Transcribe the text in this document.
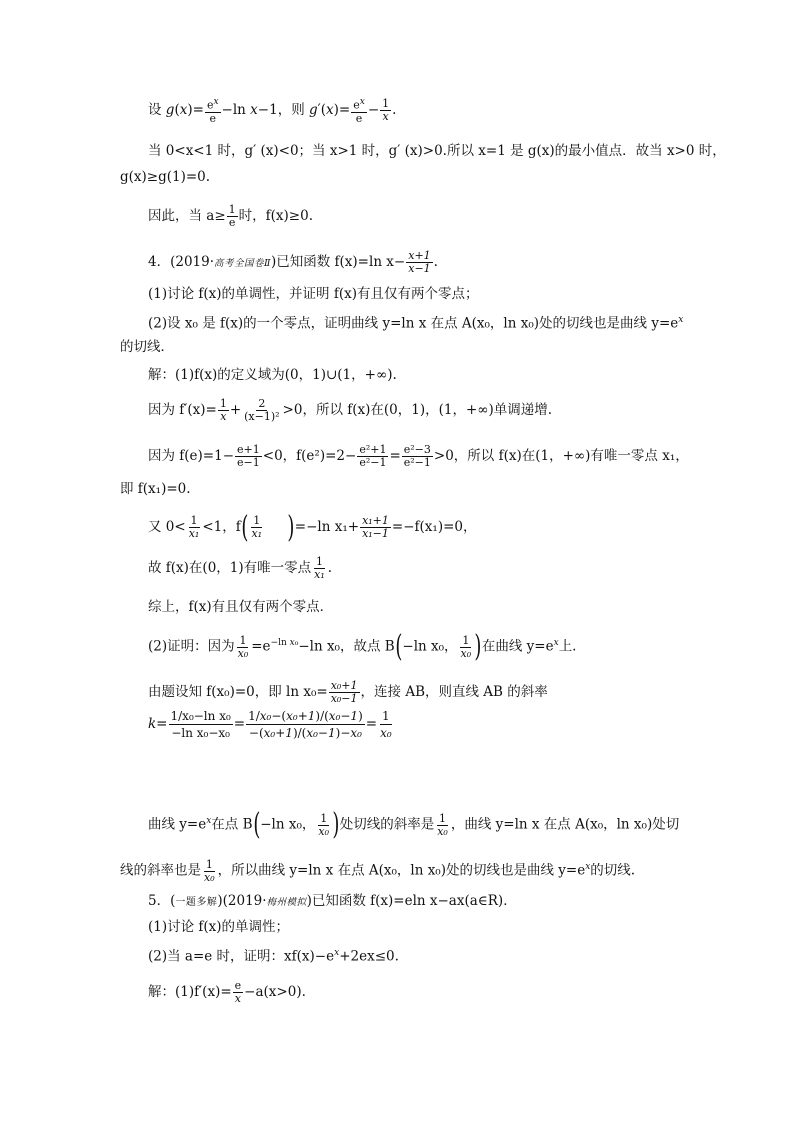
设 $g(x)= \frac{e^x}{e} -\ln$ x−1，则 $g'(x)= \frac{e^x}{e} - \frac{1}{x}$ .
当 0<x<1 时，g′ (x)<0；当 x>1 时，g′ (x)>0.所以 x=1 是 g(x)的最小值点．故当 x>0 时，
g(x)≥g(1)=0.
因此，当 $a\ge \frac{1}{e}$ 时，f(x)≥0.
4．(2019·高考全国卷Ⅱ)已知函数 f(x)=ln $x- \frac{x+1}{x-1}$ .
(1)讨论 f(x)的单调性，并证明 f(x)有且仅有两个零点；
(2)设 x₀ 是 f(x)的一个零点，证明曲线 y=ln x 在点 A(x₀，ln x₀)处的切线也是曲线 $y=e^x$
的切线．
解：(1)f(x)的定义域为(0，1)∪(1，+∞).
因为 $f'(x)= \frac{1}{x} + \frac{2}{\text{(x−1)²}} >0$，所以 f(x)在(0，1)，(1，+∞)单调递增.
因为 $f(e)=1- \frac{e+1}{e-1} <0$，$f(e^2)=2- \frac{\text{e²+1}}{\text{e²−1}} = \frac{\text{e²−3}}{\text{e²−1}} >0$，所以 f(x)在(1，+∞)有唯一零点 x₁，
即 f(x₁)=0.
又 $0< \frac{1}{\text{x₁}} <1$，$f( \frac{1}{\text{x₁}} )=-\ln$ $x_1+ \frac{\text{x₁+1}}{\text{x₁−1}} =-f(x_1)=0$，
故 f(x)在(0，1)有唯一零点 $\frac{1}{\text{x₁}}$ .
综上，f(x)有且仅有两个零点．
(2)证明：因为 $\frac{1}{\text{x₀}} =e^{-ln x_0}-\ln$ x₀，故点 B(−ln x₀， $\frac{1}{\text{x₀}}$ )在曲线 $y=e^x$上.
由题设知 f(x₀)=0，即 $\ln x_0= \frac{\text{x₀+1}}{\text{x₀−1}}$ ，连接 AB，则直线 AB 的斜率
$k= \frac{\text{1/x₀−ln x₀}}{\text{−ln x₀−x₀}} = \frac{\text{1/x₀−(x₀+1)/(x₀−1)}}{\text{−(x₀+1)/(x₀−1)−x₀}} = \frac{1}{\text{x₀}}$
曲线 $y=e^x$在点 B(−ln x₀， $\frac{1}{\text{x₀}}$ )处切线的斜率是 $\frac{1}{\text{x₀}}$ ，曲线 y=ln x 在点 A(x₀，ln x₀)处切
线的斜率也是 $\frac{1}{\text{x₀}}$ ，所以曲线 y=ln x 在点 A(x₀，ln x₀)处的切线也是曲线 $y=e^x$的切线.
5．(一题多解)(2019·梅州模拟)已知函数 f(x)=eln x−ax(a∈R)．
(1)讨论 f(x)的单调性；
(2)当 a=e 时，证明：$xf(x)-e^x+2ex\le 0$.
解：$(1)f'(x)= \frac{e}{x} -a(x>0)$.
